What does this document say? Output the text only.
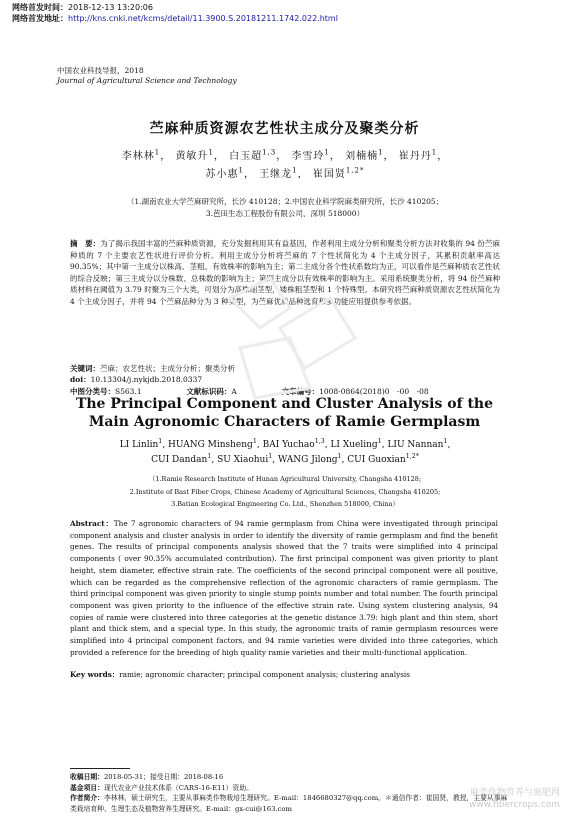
网络首发时间：2018-12-13 13:20:06
网络首发地址：http://kns.cnki.net/kcms/detail/11.3900.S.20181211.1742.022.html
中国农业科技导报，2018
Journal of Agricultural Science and Technology
苎麻种质资源农艺性状主成分及聚类分析
李林林$^1$， 黄敏升$^1$， 白玉超$^{1,3}$， 李雪玲$^1$， 刘楠楠$^1$， 崔丹丹$^1$，
苏小惠$^1$， 王继龙$^1$， 崔国贤$^{1,2*}$
（1.湖南农业大学苎麻研究所，长沙 410128；2.中国农业科学院麻类研究所，长沙 410205；
3.芭田生态工程股份有限公司，深圳 518000）
摘　要：为了揭示我国丰富的苎麻种质资源，充分发掘利用其有益基因，作者利用主成分分析和聚类分析方法对收集的 94 份苎麻种质的 7 个主要农艺性状进行评价分析。利用主成分分析将苎麻的 7 个性状简化为 4 个主成分因子，其累积贡献率高达 90.35%；其中第一主成分以株高、茎粗、有效株率的影响为主；第二主成分各个性状系数均为正，可以看作是苎麻种质农艺性状的综合反映；第三主成分以分株数、总株数的影响为主；第四主成分以有效株率的影响为主。采用系统聚类分析，将 94 份苎麻种质材料在阈值为 3.79 时聚为三个大类，可划分为高株细茎型，矮株粗茎型和 1 个特殊型。本研究将苎麻种质资源农艺性状简化为 4 个主成分因子，并将 94 个苎麻品种分为 3 种类型，为苎麻优质品种选育和多功能应用提供参考依据。
关键词：苎麻；农艺性状；主成分分析；聚类分析
doi：10.13304/j.nykjdb.2018.0337
中图分类号：S563.1	文献标识码：A	文章编号：1008-0864(2018)0　-00　-08
The Principal Component and Cluster Analysis of the
Main Agronomic Characters of Ramie Germplasm
LI Linlin$^1$, HUANG Minsheng$^1$, BAI Yuchao$^{1,3}$, LI Xueling$^1$, LIU Nannan$^1$,
CUI Dandan$^1$, SU Xiaohui$^1$, WANG Jilong$^1$, CUI Guoxian$^{1,2*}$
（1.Ramie Research Institute of Hunan Agricultural University, Changsha 410128;
2.Institute of Bast Fiber Crops, Chinese Academy of Agricultural Sciences, Changsha 410205;
3.Batian Ecological Engineering Co. Ltd., Shenzhen 518000, China）
Abstract：The 7 agronomic characters of 94 ramie germplasm from China were investigated through principal component analysis and cluster analysis in order to identify the diversity of ramie germplasm and find the benefit genes. The results of principal components analysis showed that the 7 traits were simplified into 4 principal components ( over 90.35% accumulated contribution). The first principal component was given priority to plant height, stem diameter, effective strain rate. The coefficients of the second principal component were all positive, which can be regarded as the comprehensive reflection of the agronomic characters of ramie germplasm. The third principal component was given priority to single stump points number and total number. The fourth principal component was given priority to the influence of the effective strain rate. Using system clustering analysis, 94 copies of ramie were clustered into three categories at the genetic distance 3.79: high plant and thin stem, short plant and thick stem, and a special type. In this study, the agronomic traits of ramie germplasm resources were simplified into 4 principal component factors, and 94 ramie varieties were divided into three categories, which provided a reference for the breeding of high quality ramie varieties and their multi-functional application.
Key words：ramie; agronomic character; principal component analysis; clustering analysis
收稿日期：2018-05-31；接受日期：2018-08-16
基金项目：现代农业产业技术体系（CARS-16-E11）资助。
作者简介：李林林，硕士研究生，主要从事麻类作物栽培生理研究。E-mail：1846680327@qq.com。＊通信作者：崔国贤，教授，主要从事麻类栽培育种、生理生态及植物营养生理研究。E-mail：gx-cui@163.com
麻类作物营养与施肥网
www.fibercrops.com
